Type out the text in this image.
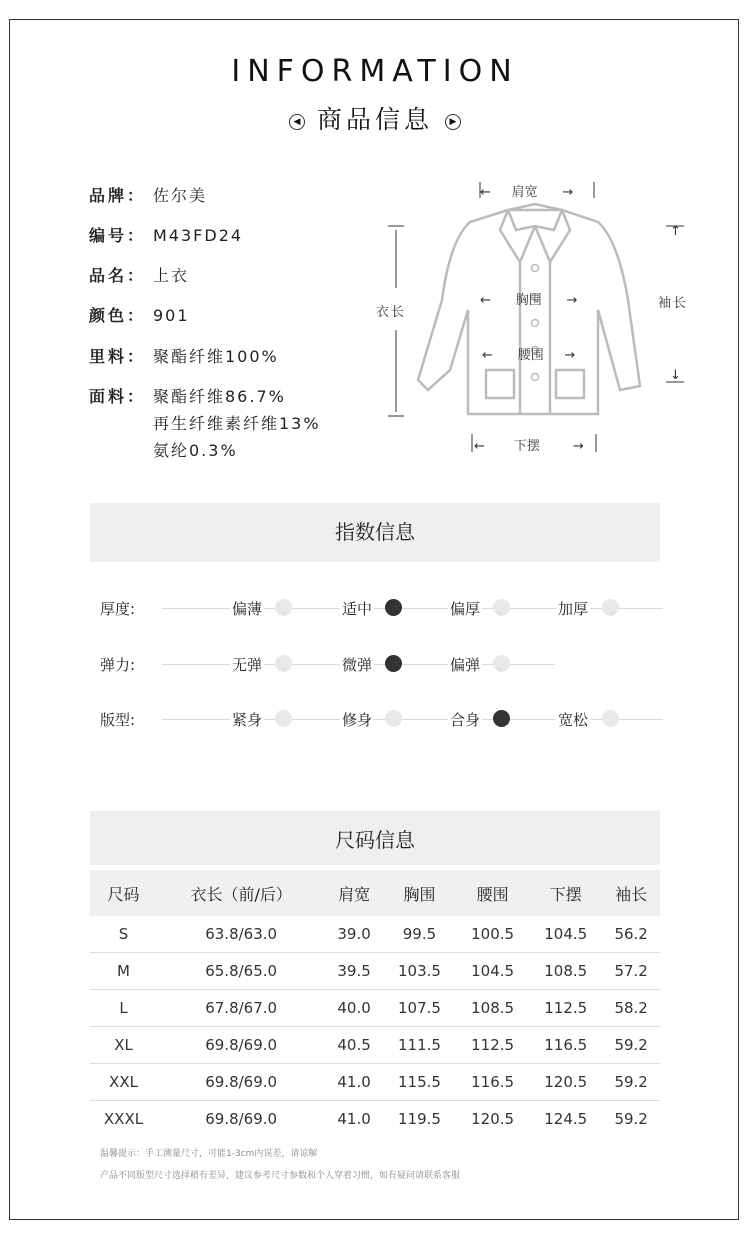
INFORMATION
◀ 商品信息 ▶
品牌： 佐尔美
编号： M43FD24
品名： 上衣
颜色： 901
里料： 聚酯纤维100%
面料： 聚酯纤维86.7%
再生纤维素纤维13%
氨纶0.3%
←     肩宽      →
衣长
←      胸围      →
←      腰围     →
←       下摆        →
袖长
↑
↓
指数信息
厚度:	偏薄	适中	偏厚	加厚
弹力:	无弹	微弹	偏弹
版型:	紧身	修身	合身	宽松
尺码信息
尺码	衣长（前/后）	肩宽	胸围	腰围	下摆	袖长
S	63.8/63.0	39.0	99.5	100.5	104.5	56.2
M	65.8/65.0	39.5	103.5	104.5	108.5	57.2
L	67.8/67.0	40.0	107.5	108.5	112.5	58.2
XL	69.8/69.0	40.5	111.5	112.5	116.5	59.2
XXL	69.8/69.0	41.0	115.5	116.5	120.5	59.2
XXXL	69.8/69.0	41.0	119.5	120.5	124.5	59.2
温馨提示：手工测量尺寸，可能1-3cm内误差，请谅解
产品不同版型尺寸选择稍有差异，建议参考尺寸参数和个人穿着习惯，如有疑问请联系客服
